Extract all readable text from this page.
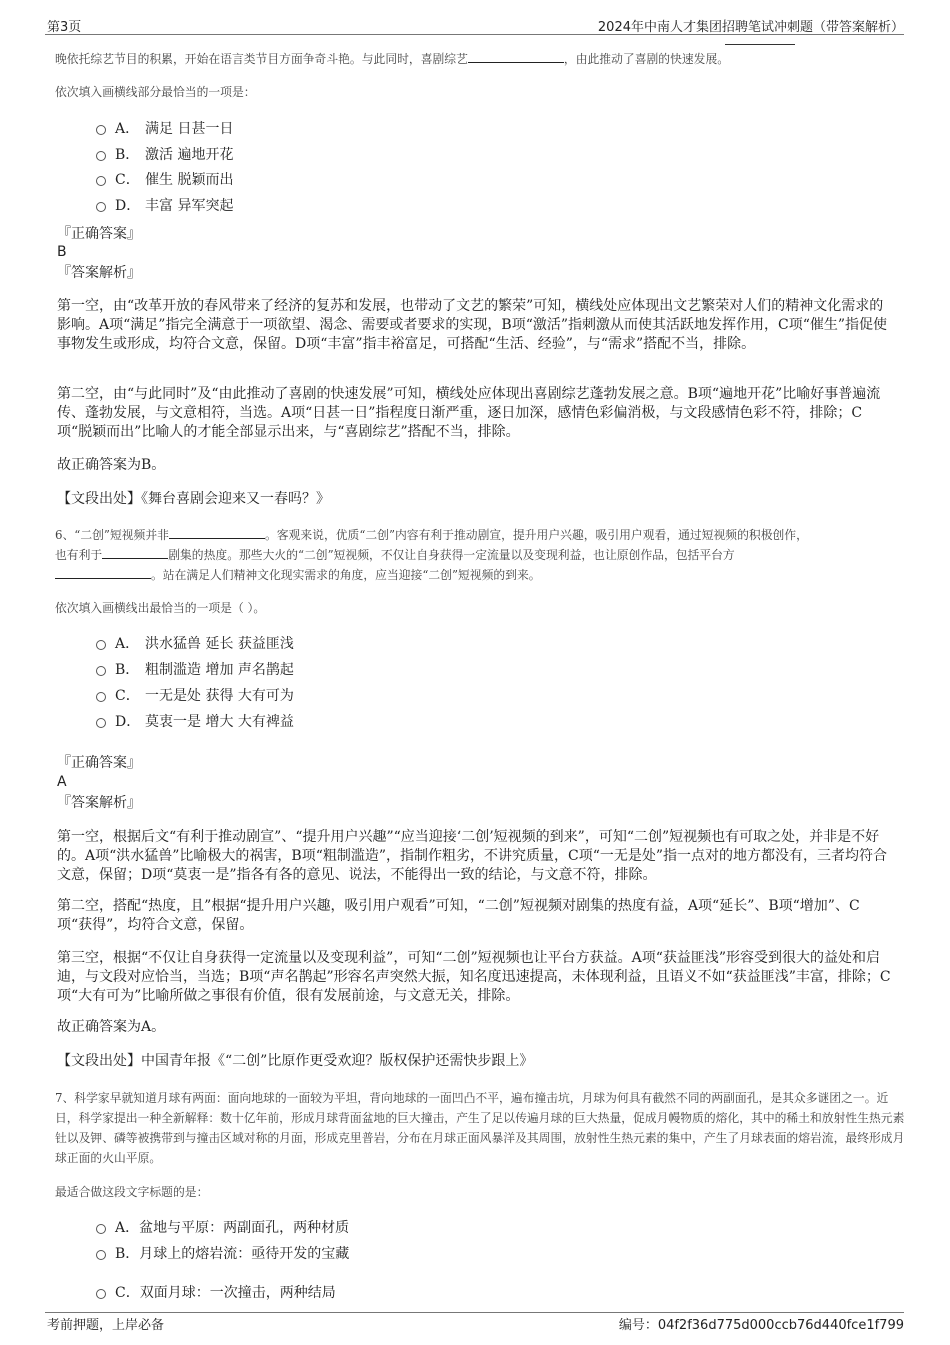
第3页	2024年中南人才集团招聘笔试冲刺题（带答案解析）

晚依托综艺节目的积累，开始在语言类节目方面争奇斗艳。与此同时，喜剧综艺	，由此推动了喜剧的快速发展。

依次填入画横线部分最恰当的一项是：

A． 满足 日甚一日
B． 激活 遍地开花
C． 催生 脱颖而出
D． 丰富 异军突起

『正确答案』

B

『答案解析』

第一空，由“改革开放的春风带来了经济的复苏和发展，也带动了文艺的繁荣”可知，横线处应体现出文艺繁荣对人们的精神文化需求的影响。A项“满足”指完全满意于一项欲望、渴念、需要或者要求的实现，B项“激活”指刺激从而使其活跃地发挥作用，C项“催生”指促使事物发生或形成，均符合文意，保留。D项“丰富”指丰裕富足，可搭配“生活、经验”，与“需求”搭配不当，排除。

第二空，由“与此同时”及“由此推动了喜剧的快速发展”可知，横线处应体现出喜剧综艺蓬勃发展之意。B项“遍地开花”比喻好事普遍流传、蓬勃发展，与文意相符，当选。A项“日甚一日”指程度日渐严重，逐日加深，感情色彩偏消极，与文段感情色彩不符，排除；C项“脱颖而出”比喻人的才能全部显示出来，与“喜剧综艺”搭配不当，排除。

故正确答案为B。

【文段出处】《舞台喜剧会迎来又一春吗？》

6、“二创”短视频并非	。客观来说，优质“二创”内容有利于推动剧宣，提升用户兴趣，吸引用户观看，通过短视频的积极创作，
也有利于	剧集的热度。那些大火的“二创”短视频，不仅让自身获得一定流量以及变现利益，也让原创作品，包括平台方
。站在满足人们精神文化现实需求的角度，应当迎接“二创”短视频的到来。

依次填入画横线出最恰当的一项是（ ）。

A． 洪水猛兽 延长 获益匪浅
B． 粗制滥造 增加 声名鹊起
C． 一无是处 获得 大有可为
D． 莫衷一是 增大 大有裨益

『正确答案』

A

『答案解析』

第一空，根据后文“有利于推动剧宣”、“提升用户兴趣”“应当迎接‘二创’短视频的到来”，可知“二创”短视频也有可取之处，并非是不好的。A项“洪水猛兽”比喻极大的祸害，B项“粗制滥造”，指制作粗劣，不讲究质量，C项“一无是处”指一点对的地方都没有，三者均符合文意，保留；D项“莫衷一是”指各有各的意见、说法，不能得出一致的结论，与文意不符，排除。

第二空，搭配“热度，且”根据“提升用户兴趣，吸引用户观看”可知，“二创”短视频对剧集的热度有益，A项“延长”、B项“增加”、C项“获得”，均符合文意，保留。

第三空，根据“不仅让自身获得一定流量以及变现利益”，可知“二创”短视频也让平台方获益。A项“获益匪浅”形容受到很大的益处和启迪，与文段对应恰当，当选；B项“声名鹊起”形容名声突然大振，知名度迅速提高，未体现利益，且语义不如“获益匪浅”丰富，排除；C项“大有可为”比喻所做之事很有价值，很有发展前途，与文意无关，排除。

故正确答案为A。

【文段出处】中国青年报《“二创”比原作更受欢迎？版权保护还需快步跟上》

7、科学家早就知道月球有两面：面向地球的一面较为平坦，背向地球的一面凹凸不平，遍布撞击坑，月球为何具有截然不同的两副面孔，是其众多谜团之一。近日，科学家提出一种全新解释：数十亿年前，形成月球背面盆地的巨大撞击，产生了足以传遍月球的巨大热量，促成月幔物质的熔化，其中的稀土和放射性生热元素钍以及钾、磷等被携带到与撞击区域对称的月面，形成克里普岩，分布在月球正面风暴洋及其周围，放射性生热元素的集中，产生了月球表面的熔岩流，最终形成月球正面的火山平原。

最适合做这段文字标题的是：

A．盆地与平原：两副面孔，两种材质
B．月球上的熔岩流：亟待开发的宝藏
C．双面月球：一次撞击，两种结局
考前押题，上岸必备	编号：04f2f36d775d000ccb76d440fce1f799
